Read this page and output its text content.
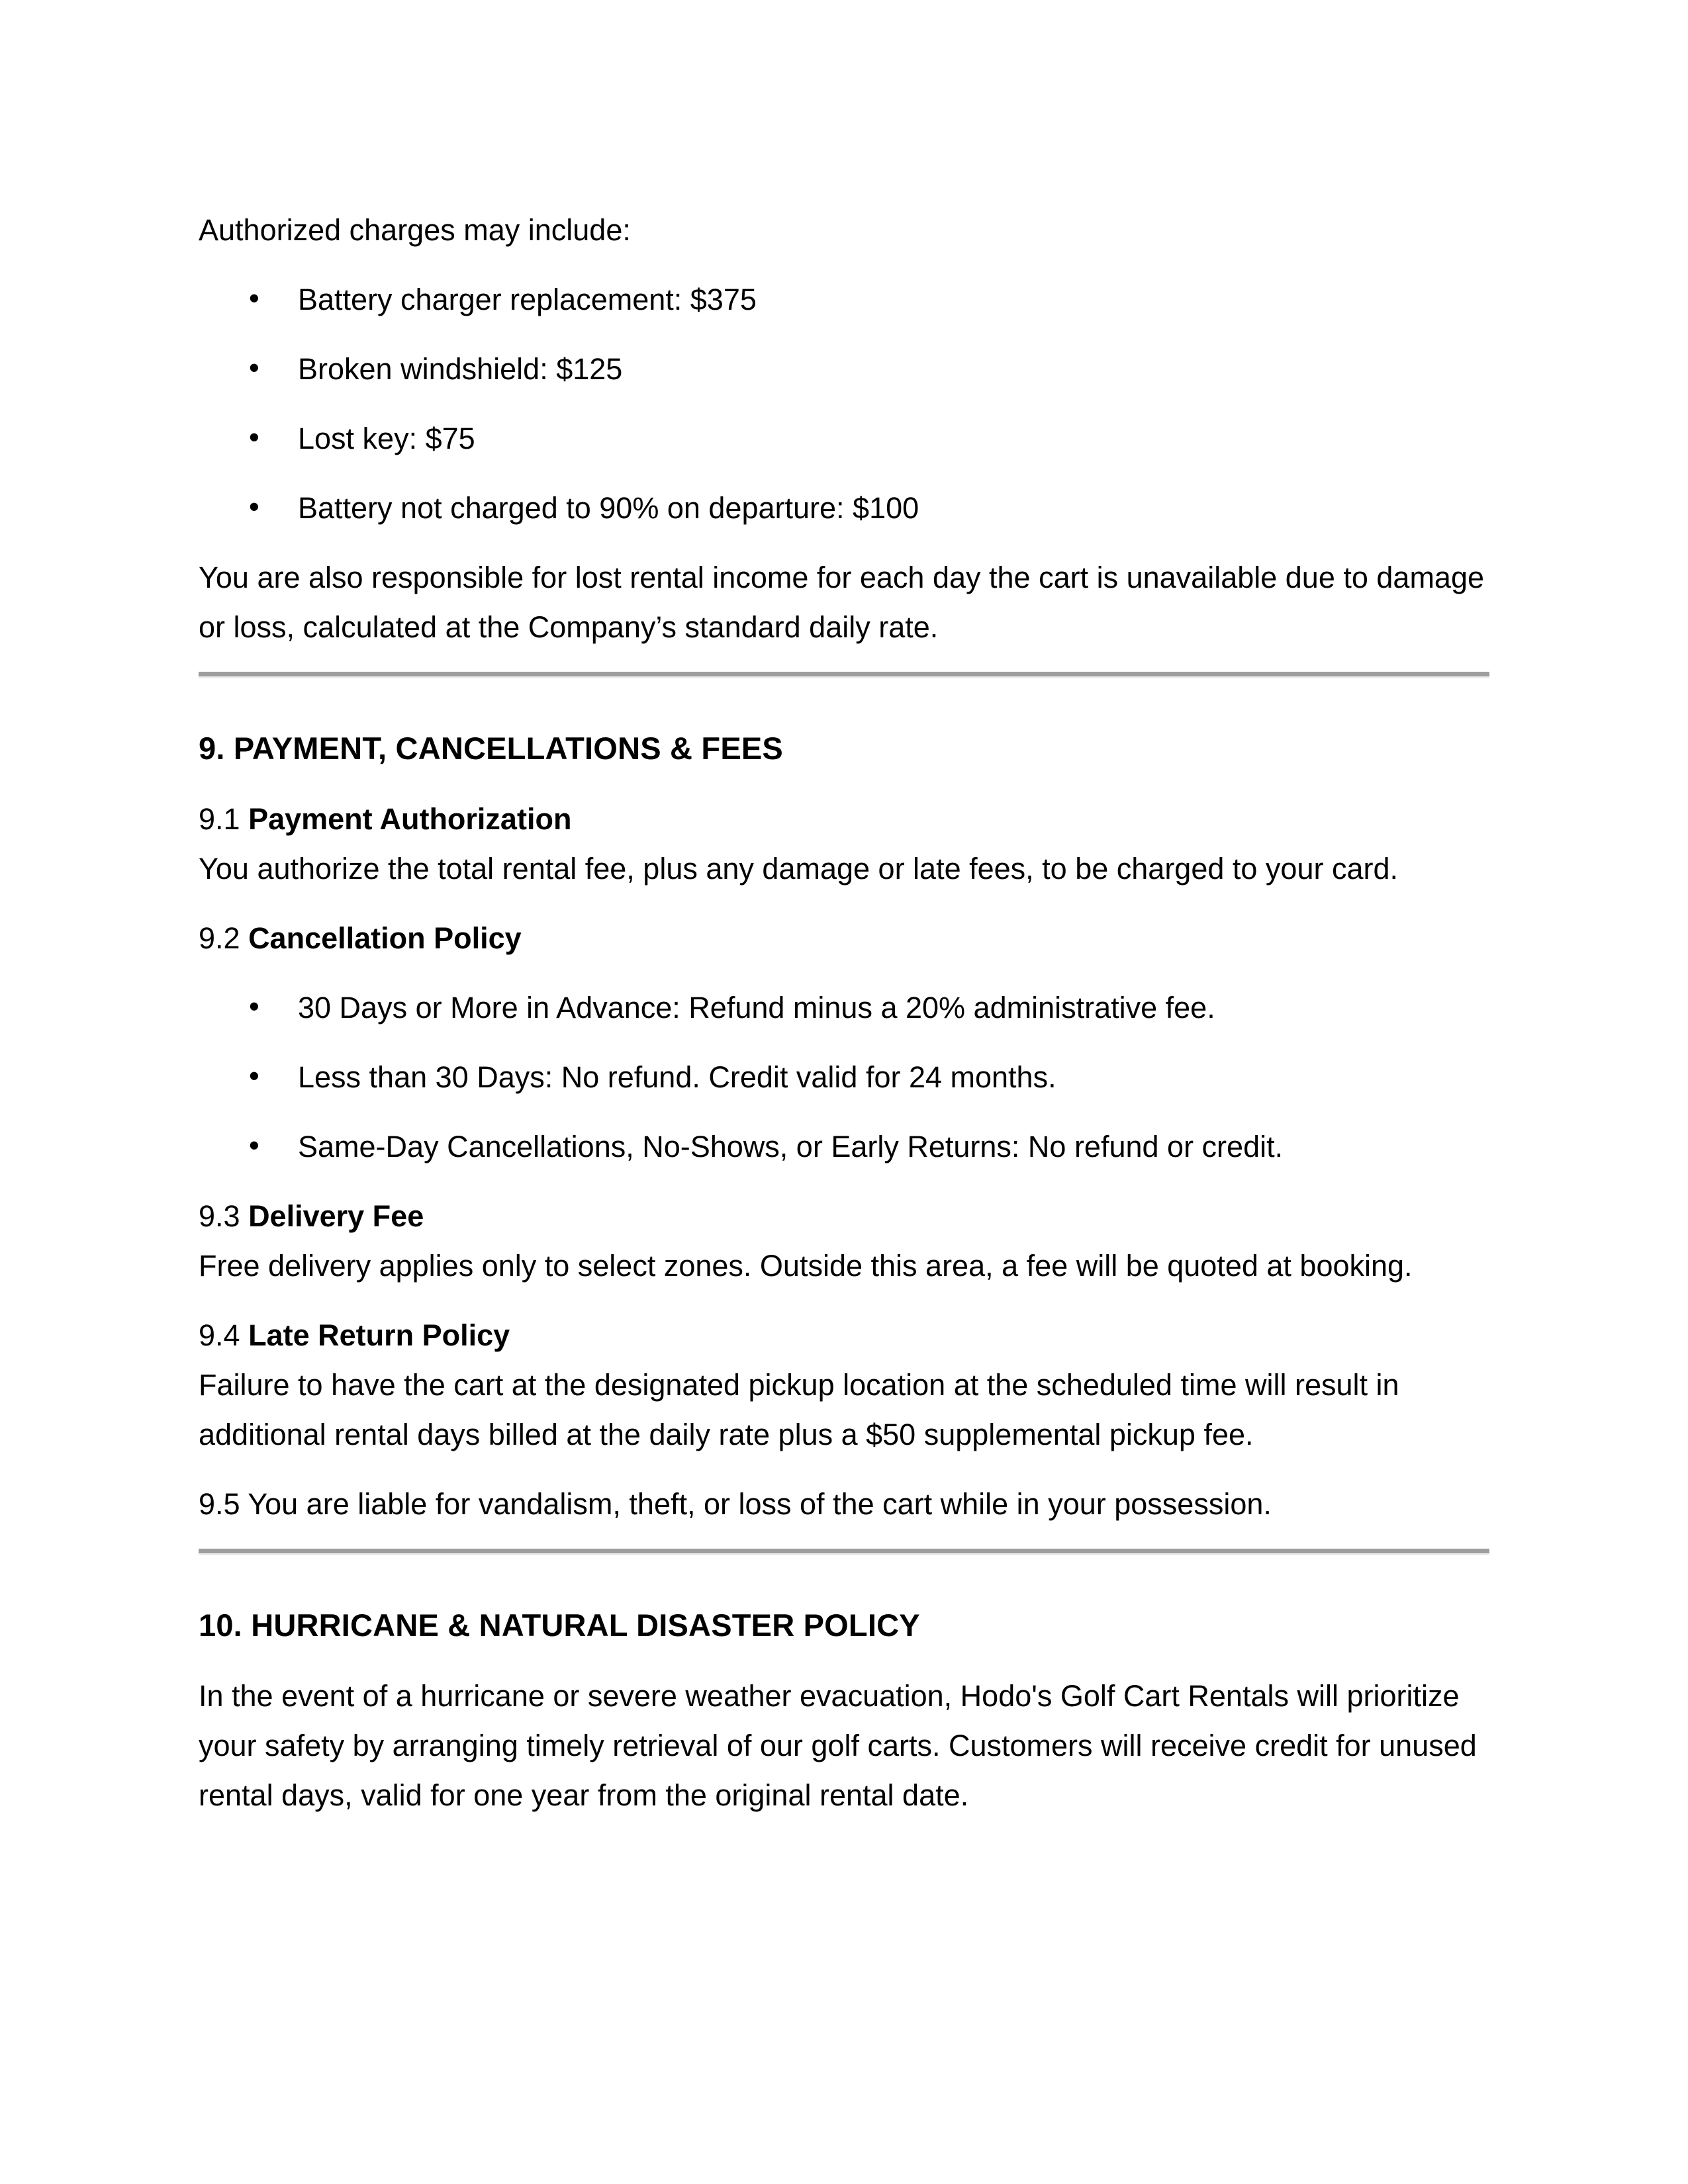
Authorized charges may include:

• Battery charger replacement: $375
• Broken windshield: $125
• Lost key: $75
• Battery not charged to 90% on departure: $100

You are also responsible for lost rental income for each day the cart is unavailable due to damage or loss, calculated at the Company’s standard daily rate.

9. PAYMENT, CANCELLATIONS & FEES

9.1 Payment Authorization
You authorize the total rental fee, plus any damage or late fees, to be charged to your card.

9.2 Cancellation Policy

• 30 Days or More in Advance: Refund minus a 20% administrative fee.
• Less than 30 Days: No refund. Credit valid for 24 months.
• Same-Day Cancellations, No-Shows, or Early Returns: No refund or credit.

9.3 Delivery Fee
Free delivery applies only to select zones. Outside this area, a fee will be quoted at booking.

9.4 Late Return Policy
Failure to have the cart at the designated pickup location at the scheduled time will result in additional rental days billed at the daily rate plus a $50 supplemental pickup fee.

9.5 You are liable for vandalism, theft, or loss of the cart while in your possession.

10. HURRICANE & NATURAL DISASTER POLICY

In the event of a hurricane or severe weather evacuation, Hodo's Golf Cart Rentals will prioritize your safety by arranging timely retrieval of our golf carts. Customers will receive credit for unused rental days, valid for one year from the original rental date.
